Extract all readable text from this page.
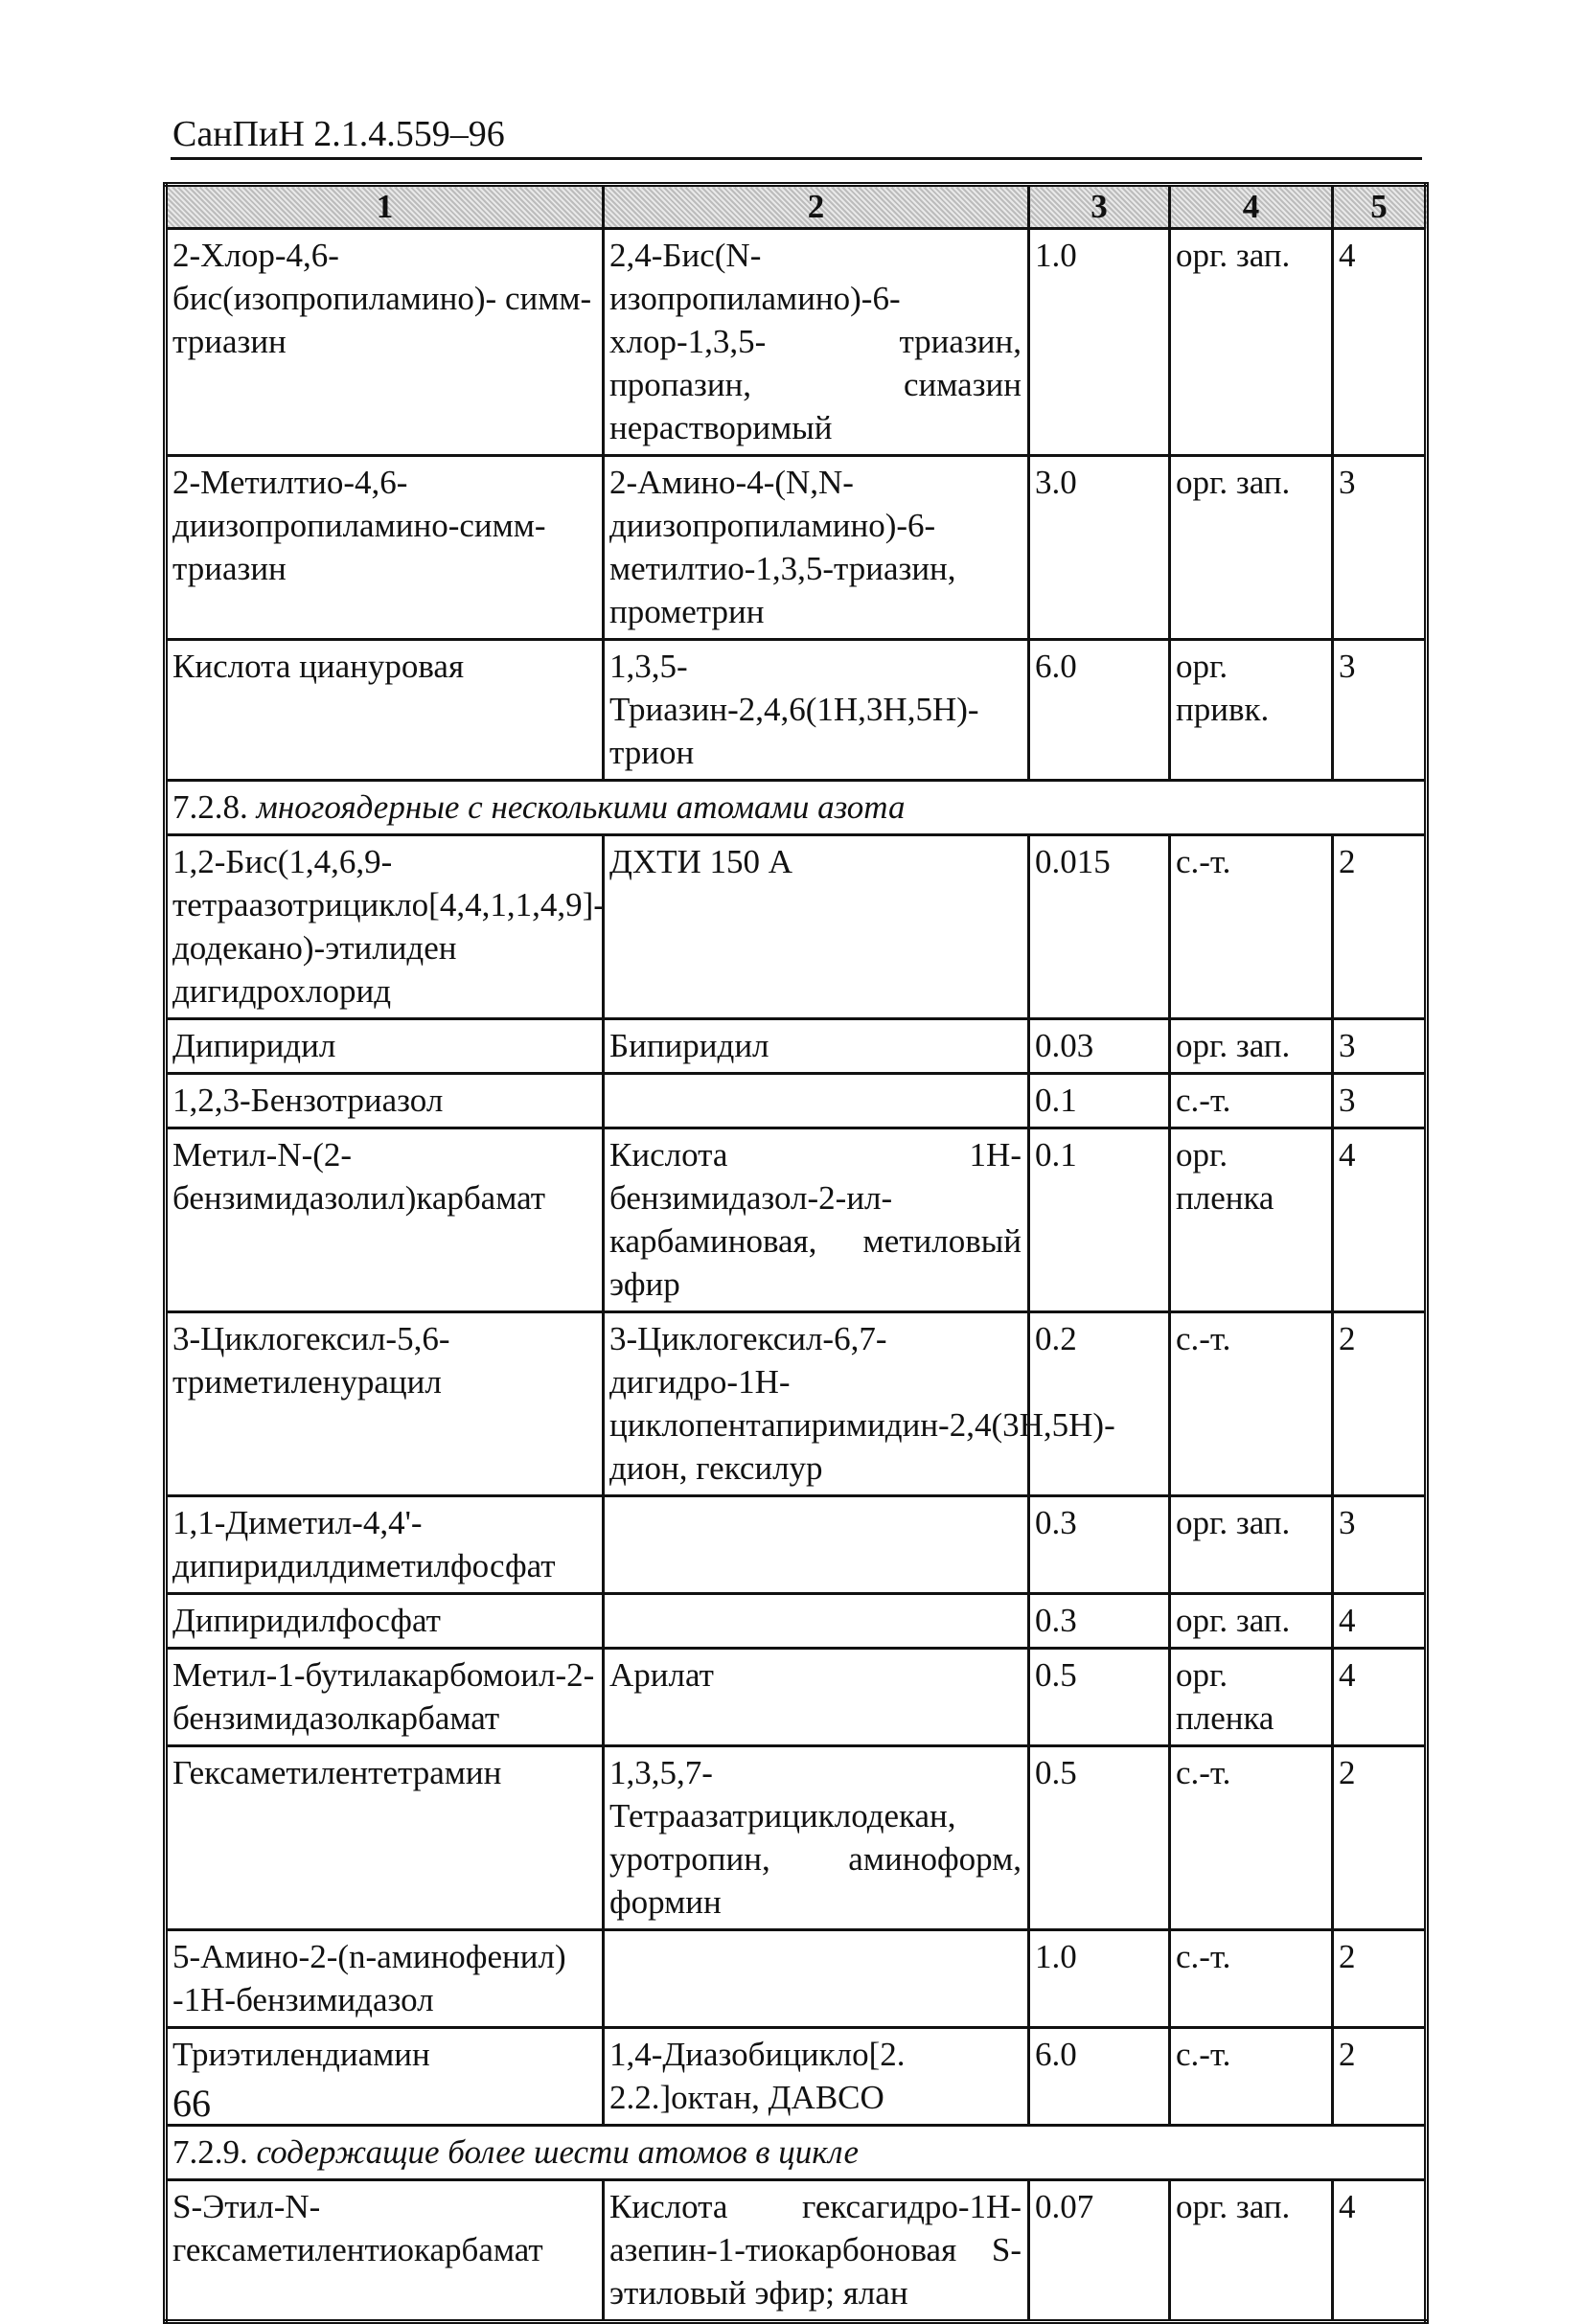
СанПиН 2.1.4.559–96
1	2	3	4	5
2-Хлор-4,6-бис(изопропиламино)- симм-триазин	2,4-Бис(N-изопропиламино)-6-хлор-1,3,5- триазин, пропазин, симазин нерастворимый	1.0	орг. зап.	4
2-Метилтио-4,6-диизопропиламино-симм-триазин	2-Амино-4-(N,N-диизопропиламино)-6-метилтио-1,3,5-триазин, прометрин	3.0	орг. зап.	3
Кислота циануровая	1,3,5-Триазин-2,4,6(1H,3H,5H)-трион	6.0	орг. привк.	3
7.2.8. многоядерные с несколькими атомами азота				
1,2-Бис(1,4,6,9-тетраазотрицикло[4,4,1,1,4,9]- додекано)-этилиден дигидрохлорид	ДХТИ 150 А	0.015	с.-т.	2
Дипиридил	Бипиридил	0.03	орг. зап.	3
1,2,3-Бензотриазол		0.1	с.-т.	3
Метил-N-(2-бензимидазолил)карбамат	Кислота 1Н-бензимидазол-2-ил-карбаминовая, метиловый эфир	0.1	орг. пленка	4
3-Циклогексил-5,6-триметиленурацил	3-Циклогексил-6,7-дигидро-1Н-циклопентапиримидин-2,4(3Н,5Н)- дион, гексилур	0.2	с.-т.	2
1,1-Диметил-4,4'-дипиридилдиметилфосфат		0.3	орг. зап.	3
Дипиридилфосфат		0.3	орг. зап.	4
Метил-1-бутилакарбомоил-2-бензимидазолкарбамат	Арилат	0.5	орг. пленка	4
Гексаметилентетрамин	1,3,5,7-Тетраазатрициклодекан, уротропин, аминоформ, формин	0.5	с.-т.	2
5-Амино-2-(n-аминофенил) -1Н-бензимидазол		1.0	с.-т.	2
Триэтилендиамин	1,4-Диазобицикло[2. 2.2.]октан, ДАВСО	6.0	с.-т.	2
7.2.9. содержащие более шести атомов в цикле				
S-Этил-N-гексаметилентиокарбамат	Кислота гексагидро-1Н-азепин-1-тиокарбоновая S-этиловый эфир; ялан	0.07	орг. зап.	4
66
